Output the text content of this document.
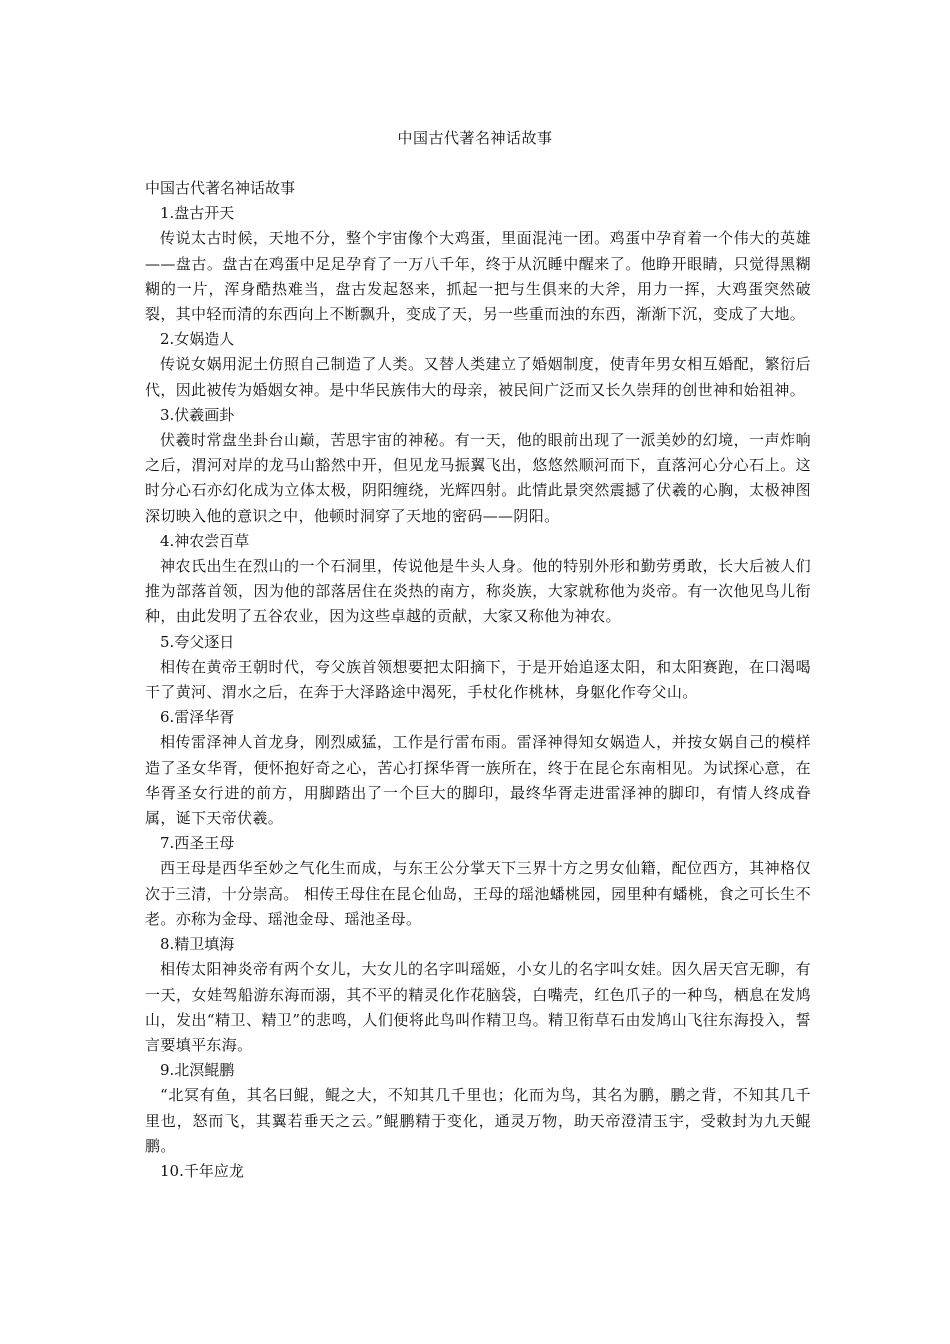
中国古代著名神话故事
中国古代著名神话故事
1.盘古开天

传说太古时候，天地不分，整个宇宙像个大鸡蛋，里面混沌一团。鸡蛋中孕育着一个伟大的英雄——盘古。盘古在鸡蛋中足足孕育了一万八千年，终于从沉睡中醒来了。他睁开眼睛，只觉得黑糊糊的一片，浑身酷热难当，盘古发起怒来，抓起一把与生俱来的大斧，用力一挥，大鸡蛋突然破裂，其中轻而清的东西向上不断飘升，变成了天，另一些重而浊的东西，渐渐下沉，变成了大地。

2.女娲造人

传说女娲用泥土仿照自己制造了人类。又替人类建立了婚姻制度，使青年男女相互婚配，繁衍后代，因此被传为婚姻女神。是中华民族伟大的母亲，被民间广泛而又长久崇拜的创世神和始祖神。

3.伏羲画卦

伏羲时常盘坐卦台山巅，苦思宇宙的神秘。有一天，他的眼前出现了一派美妙的幻境，一声炸响之后，渭河对岸的龙马山豁然中开，但见龙马振翼飞出，悠悠然顺河而下，直落河心分心石上。这时分心石亦幻化成为立体太极，阴阳缠绕，光辉四射。此情此景突然震撼了伏羲的心胸，太极神图深切映入他的意识之中，他顿时洞穿了天地的密码——阴阳。

4.神农尝百草

神农氏出生在烈山的一个石洞里，传说他是牛头人身。他的特别外形和勤劳勇敢，长大后被人们推为部落首领，因为他的部落居住在炎热的南方，称炎族，大家就称他为炎帝。有一次他见鸟儿衔种，由此发明了五谷农业，因为这些卓越的贡献，大家又称他为神农。

5.夸父逐日

相传在黄帝王朝时代，夸父族首领想要把太阳摘下，于是开始追逐太阳，和太阳赛跑，在口渴喝干了黄河、渭水之后，在奔于大泽路途中渴死，手杖化作桃林，身躯化作夸父山。

6.雷泽华胥

相传雷泽神人首龙身，刚烈威猛，工作是行雷布雨。雷泽神得知女娲造人，并按女娲自己的模样造了圣女华胥，便怀抱好奇之心，苦心打探华胥一族所在，终于在昆仑东南相见。为试探心意，在华胥圣女行进的前方，用脚踏出了一个巨大的脚印，最终华胥走进雷泽神的脚印，有情人终成眷属，诞下天帝伏羲。

7.西圣王母

西王母是西华至妙之气化生而成，与东王公分掌天下三界十方之男女仙籍，配位西方，其神格仅次于三清，十分崇高。 相传王母住在昆仑仙岛，王母的瑶池蟠桃园，园里种有蟠桃，食之可长生不老。亦称为金母、瑶池金母、瑶池圣母。

8.精卫填海

相传太阳神炎帝有两个女儿，大女儿的名字叫瑶姬，小女儿的名字叫女娃。因久居天宫无聊，有一天，女娃驾船游东海而溺，其不平的精灵化作花脑袋，白嘴壳，红色爪子的一种鸟，栖息在发鸠山，发出“精卫、精卫”的悲鸣，人们便将此鸟叫作精卫鸟。精卫衔草石由发鸠山飞往东海投入，誓言要填平东海。

9.北溟鲲鹏

“北冥有鱼，其名曰鲲，鲲之大，不知其几千里也；化而为鸟，其名为鹏，鹏之背，不知其几千里也，怒而飞，其翼若垂天之云。”鲲鹏精于变化，通灵万物，助天帝澄清玉宇，受敕封为九天鲲鹏。

10.千年应龙
